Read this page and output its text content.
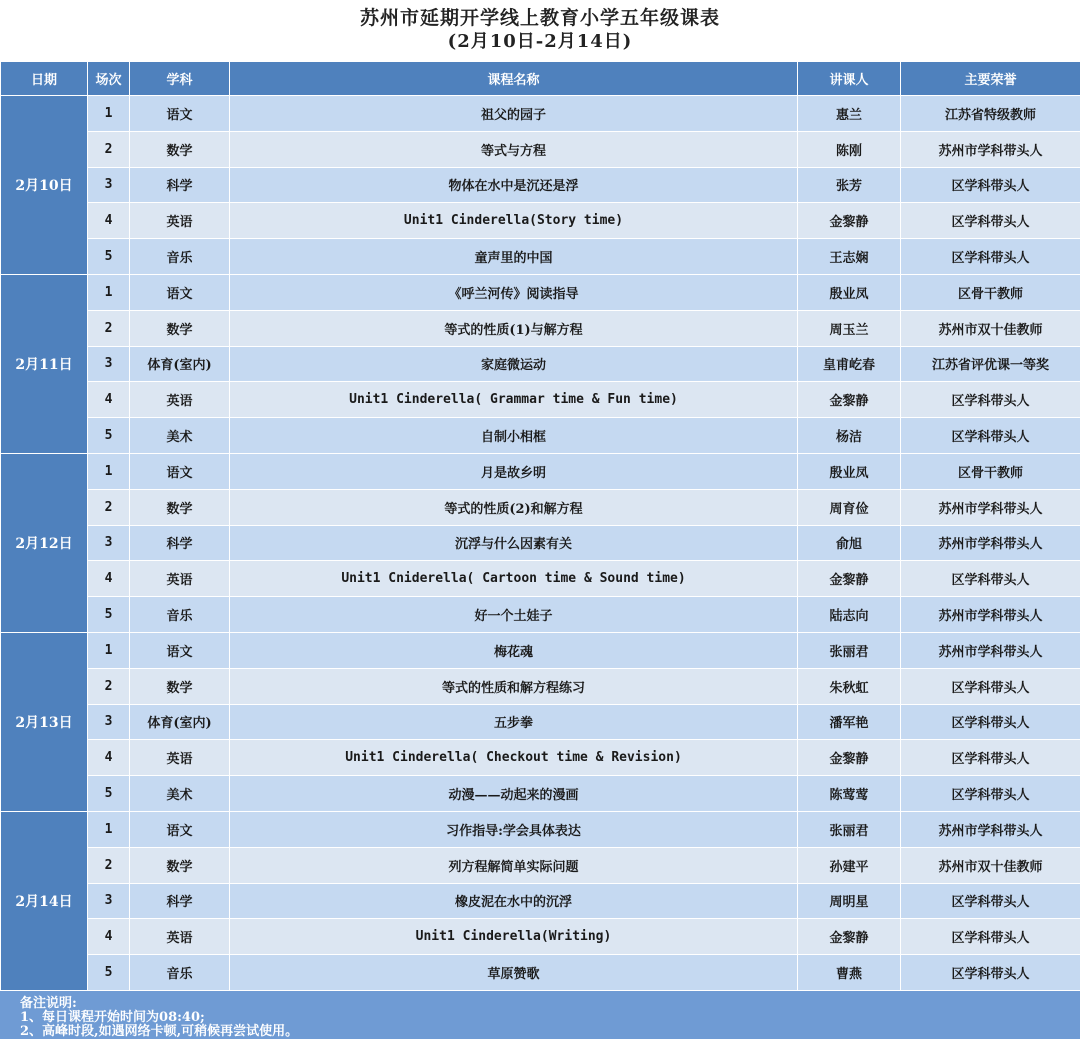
苏州市延期开学线上教育小学五年级课表
(2月10日-2月14日)
日期	场次	学科	课程名称	讲课人	主要荣誉
2月10日	1	语文	祖父的园子	惠兰	江苏省特级教师
	2	数学	等式与方程	陈刚	苏州市学科带头人
	3	科学	物体在水中是沉还是浮	张芳	区学科带头人
	4	英语	Unit1 Cinderella(Story time)	金黎静	区学科带头人
	5	音乐	童声里的中国	王志娴	区学科带头人
2月11日	1	语文	《呼兰河传》阅读指导	殷业凤	区骨干教师
	2	数学	等式的性质(1)与解方程	周玉兰	苏州市双十佳教师
	3	体育(室内)	家庭微运动	皇甫屹春	江苏省评优课一等奖
	4	英语	Unit1 Cinderella( Grammar time & Fun time)	金黎静	区学科带头人
	5	美术	自制小相框	杨洁	区学科带头人
2月12日	1	语文	月是故乡明	殷业凤	区骨干教师
	2	数学	等式的性质(2)和解方程	周育俭	苏州市学科带头人
	3	科学	沉浮与什么因素有关	俞旭	苏州市学科带头人
	4	英语	Unit1 Cniderella( Cartoon time & Sound time)	金黎静	区学科带头人
	5	音乐	好一个土娃子	陆志向	苏州市学科带头人
2月13日	1	语文	梅花魂	张丽君	苏州市学科带头人
	2	数学	等式的性质和解方程练习	朱秋虹	区学科带头人
	3	体育(室内)	五步拳	潘军艳	区学科带头人
	4	英语	Unit1 Cinderella( Checkout time & Revision)	金黎静	区学科带头人
	5	美术	动漫——动起来的漫画	陈莺莺	区学科带头人
2月14日	1	语文	习作指导:学会具体表达	张丽君	苏州市学科带头人
	2	数学	列方程解简单实际问题	孙建平	苏州市双十佳教师
	3	科学	橡皮泥在水中的沉浮	周明星	区学科带头人
	4	英语	Unit1 Cinderella(Writing)	金黎静	区学科带头人
	5	音乐	草原赞歌	曹燕	区学科带头人
备注说明:
1、每日课程开始时间为08:40;
2、高峰时段,如遇网络卡顿,可稍候再尝试使用。
